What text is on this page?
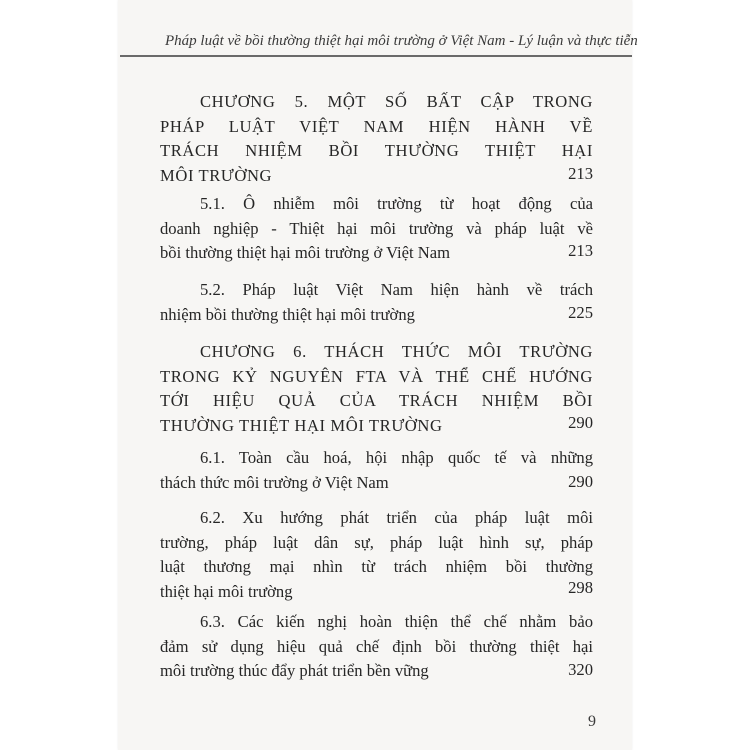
Pháp luật về bồi thường thiệt hại môi trường ở Việt Nam - Lý luận và thực tiễn
CHƯƠNG 5. MỘT SỐ BẤT CẬP TRONG
PHÁP LUẬT VIỆT NAM HIỆN HÀNH VỀ
TRÁCH NHIỆM BỒI THƯỜNG THIỆT HẠI
MÔI TRƯỜNG	213
5.1. Ô nhiễm môi trường từ hoạt động của
doanh nghiệp - Thiệt hại môi trường và pháp luật về
bồi thường thiệt hại môi trường ở Việt Nam	213
5.2. Pháp luật Việt Nam hiện hành về trách
nhiệm bồi thường thiệt hại môi trường	225
CHƯƠNG 6. THÁCH THỨC MÔI TRƯỜNG
TRONG KỶ NGUYÊN FTA VÀ THỂ CHẾ HƯỚNG
TỚI HIỆU QUẢ CỦA TRÁCH NHIỆM BỒI
THƯỜNG THIỆT HẠI MÔI TRƯỜNG	290
6.1. Toàn cầu hoá, hội nhập quốc tế và những
thách thức môi trường ở Việt Nam	290
6.2. Xu hướng phát triển của pháp luật môi
trường, pháp luật dân sự, pháp luật hình sự, pháp
luật thương mại nhìn từ trách nhiệm bồi thường
thiệt hại môi trường	298
6.3. Các kiến nghị hoàn thiện thể chế nhằm bảo
đảm sử dụng hiệu quả chế định bồi thường thiệt hại
môi trường thúc đẩy phát triển bền vững	320
9
